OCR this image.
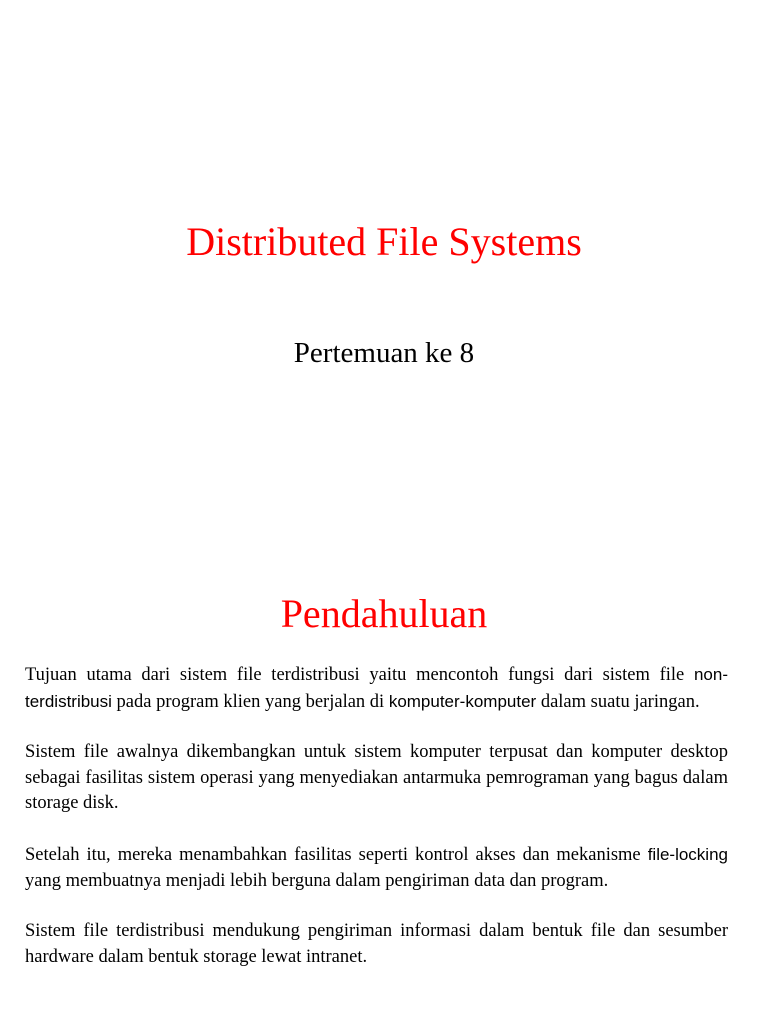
Distributed File Systems
Pertemuan ke 8
Pendahuluan

Tujuan utama dari sistem file terdistribusi yaitu mencontoh fungsi dari sistem file non-terdistribusi pada program klien yang berjalan di komputer-komputer dalam suatu jaringan.

Sistem file awalnya dikembangkan untuk sistem komputer terpusat dan komputer desktop sebagai fasilitas sistem operasi yang menyediakan antarmuka pemrograman yang bagus dalam storage disk.

Setelah itu, mereka menambahkan fasilitas seperti kontrol akses dan mekanisme file-locking yang membuatnya menjadi lebih berguna dalam pengiriman data dan program.

Sistem file terdistribusi mendukung pengiriman informasi dalam bentuk file dan sesumber hardware dalam bentuk storage lewat intranet.
